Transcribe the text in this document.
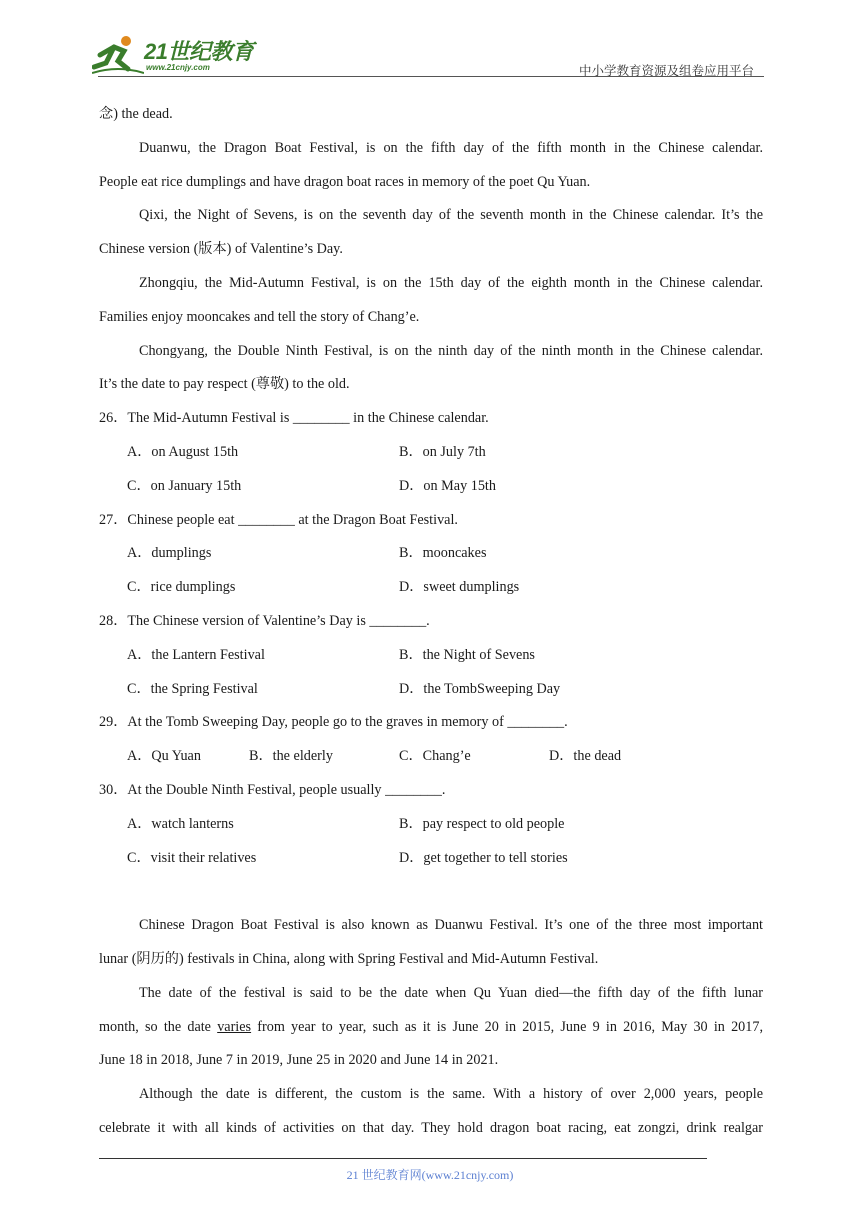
21世纪教育
www.21cnjy.com	中小学教育资源及组卷应用平台
念) the dead.
Duanwu, the Dragon Boat Festival, is on the fifth day of the fifth month in the Chinese calendar.
People eat rice dumplings and have dragon boat races in memory of the poet Qu Yuan.
Qixi, the Night of Sevens, is on the seventh day of the seventh month in the Chinese calendar. It’s the
Chinese version (版本) of Valentine’s Day.
Zhongqiu, the Mid-Autumn Festival, is on the 15th day of the eighth month in the Chinese calendar.
Families enjoy mooncakes and tell the story of Chang’e.
Chongyang, the Double Ninth Festival, is on the ninth day of the ninth month in the Chinese calendar.
It’s the date to pay respect (尊敬) to the old.
26．The Mid-Autumn Festival is ________ in the Chinese calendar.
A．on August 15th	B．on July 7th
C．on January 15th	D．on May 15th
27．Chinese people eat ________ at the Dragon Boat Festival.
A．dumplings	B．mooncakes
C．rice dumplings	D．sweet dumplings
28．The Chinese version of Valentine’s Day is ________.
A．the Lantern Festival	B．the Night of Sevens
C．the Spring Festival	D．the TombSweeping Day
29．At the Tomb Sweeping Day, people go to the graves in memory of ________.
A．Qu Yuan	B．the elderly	C．Chang’e	D．the dead
30．At the Double Ninth Festival, people usually ________.
A．watch lanterns	B．pay respect to old people
C．visit their relatives	D．get together to tell stories
Chinese Dragon Boat Festival is also known as Duanwu Festival. It’s one of the three most important
lunar (阴历的) festivals in China, along with Spring Festival and Mid-Autumn Festival.
The date of the festival is said to be the date when Qu Yuan died—the fifth day of the fifth lunar
month, so the date varies from year to year, such as it is June 20 in 2015, June 9 in 2016, May 30 in 2017,
June 18 in 2018, June 7 in 2019, June 25 in 2020 and June 14 in 2021.
Although the date is different, the custom is the same. With a history of over 2,000 years, people
celebrate it with all kinds of activities on that day. They hold dragon boat racing, eat zongzi, drink realgar
21 世纪教育网(www.21cnjy.com)
